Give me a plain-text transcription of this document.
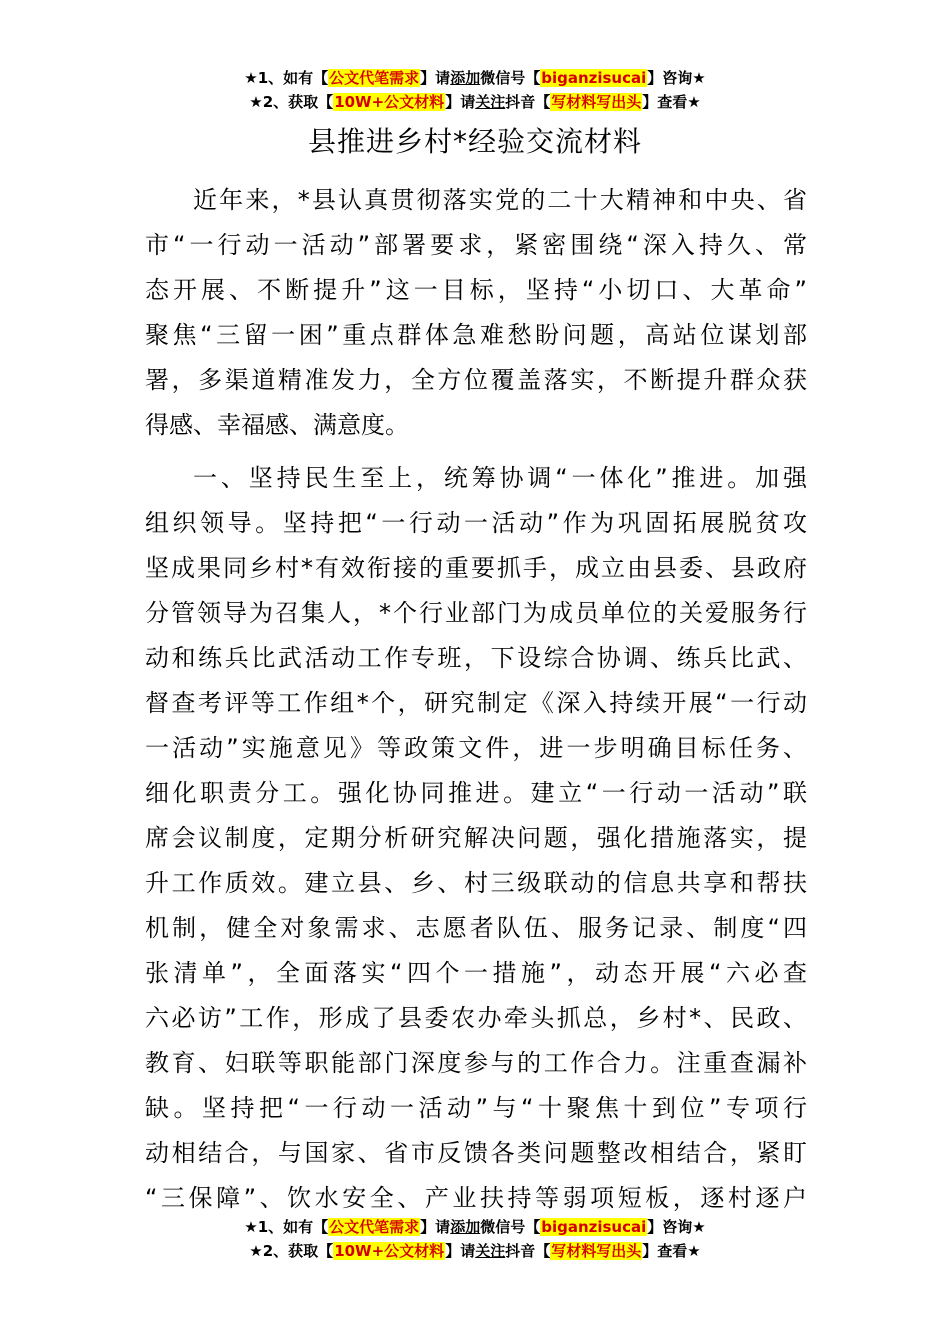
★1、如有【公文代笔需求】请添加微信号【biganzisucai】咨询★
★2、获取【10W+公文材料】请关注抖音【写材料写出头】查看★
县推进乡村*经验交流材料
近年来，*县认真贯彻落实党的二十大精神和中央、省
市“一行动一活动”部署要求，紧密围绕“深入持久、常
态开展、不断提升”这一目标，坚持“小切口、大革命”
聚焦“三留一困”重点群体急难愁盼问题，高站位谋划部
署，多渠道精准发力，全方位覆盖落实，不断提升群众获
得感、幸福感、满意度。
一、坚持民生至上，统筹协调“一体化”推进。加强
组织领导。坚持把“一行动一活动”作为巩固拓展脱贫攻
坚成果同乡村*有效衔接的重要抓手，成立由县委、县政府
分管领导为召集人，*个行业部门为成员单位的关爱服务行
动和练兵比武活动工作专班，下设综合协调、练兵比武、
督查考评等工作组*个，研究制定《深入持续开展“一行动
一活动”实施意见》等政策文件，进一步明确目标任务、
细化职责分工。强化协同推进。建立“一行动一活动”联
席会议制度，定期分析研究解决问题，强化措施落实，提
升工作质效。建立县、乡、村三级联动的信息共享和帮扶
机制，健全对象需求、志愿者队伍、服务记录、制度“四
张清单”，全面落实“四个一措施”，动态开展“六必查
六必访”工作，形成了县委农办牵头抓总，乡村*、民政、
教育、妇联等职能部门深度参与的工作合力。注重查漏补
缺。坚持把“一行动一活动”与“十聚焦十到位”专项行
动相结合，与国家、省市反馈各类问题整改相结合，紧盯
“三保障”、饮水安全、产业扶持等弱项短板，逐村逐户
★1、如有【公文代笔需求】请添加微信号【biganzisucai】咨询★
★2、获取【10W+公文材料】请关注抖音【写材料写出头】查看★
